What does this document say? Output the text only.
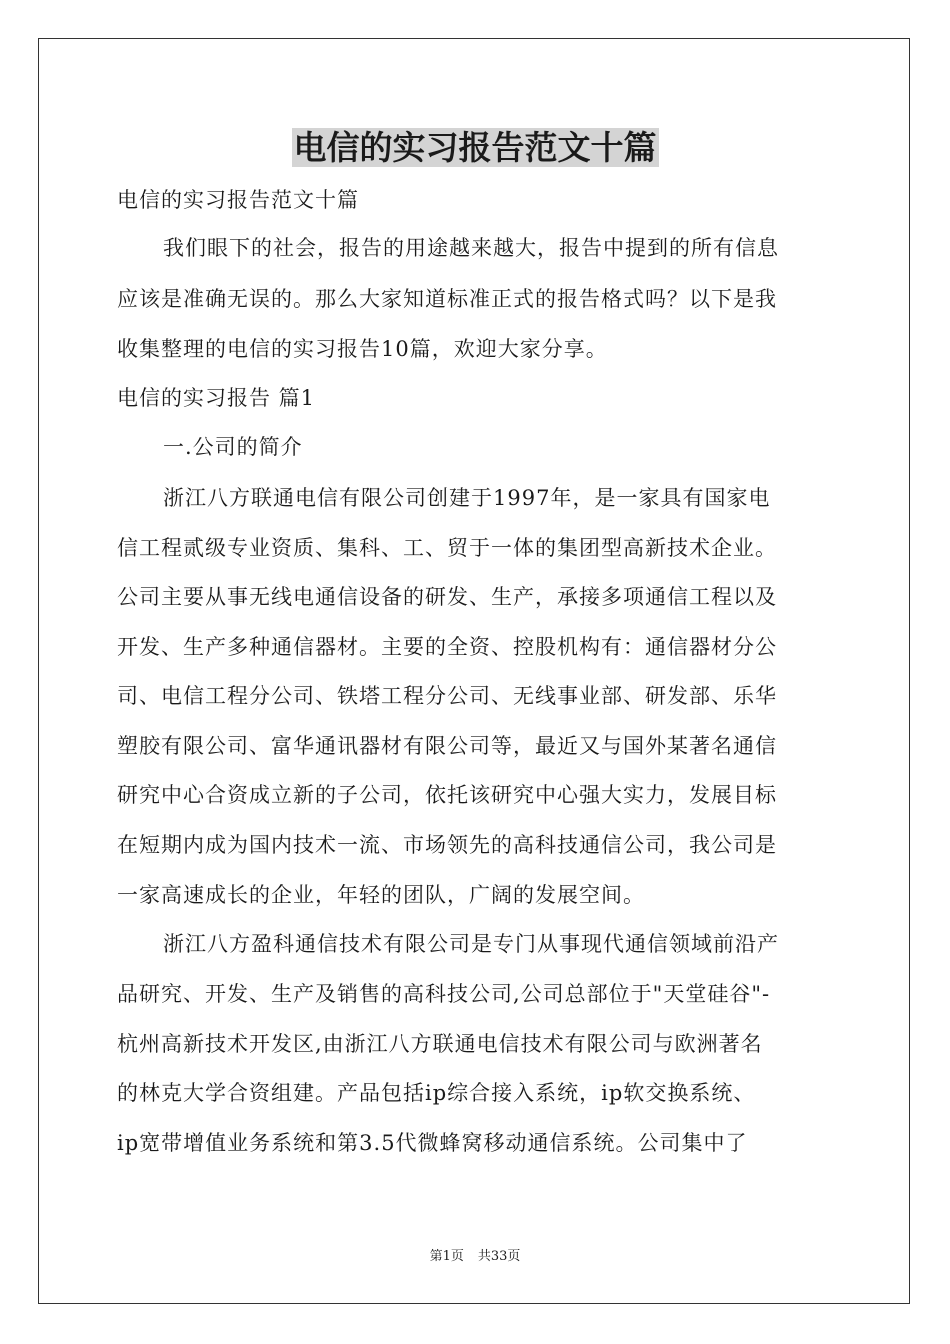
电信的实习报告范文十篇
电信的实习报告范文十篇
我们眼下的社会，报告的用途越来越大，报告中提到的所有信息
应该是准确无误的。那么大家知道标准正式的报告格式吗？以下是我
收集整理的电信的实习报告10篇，欢迎大家分享。
电信的实习报告 篇1
一.公司的简介
浙江八方联通电信有限公司创建于1997年，是一家具有国家电
信工程贰级专业资质、集科、工、贸于一体的集团型高新技术企业。
公司主要从事无线电通信设备的研发、生产，承接多项通信工程以及
开发、生产多种通信器材。主要的全资、控股机构有：通信器材分公
司、电信工程分公司、铁塔工程分公司、无线事业部、研发部、乐华
塑胶有限公司、富华通讯器材有限公司等，最近又与国外某著名通信
研究中心合资成立新的子公司，依托该研究中心强大实力，发展目标
在短期内成为国内技术一流、市场领先的高科技通信公司，我公司是
一家高速成长的企业，年轻的团队，广阔的发展空间。
浙江八方盈科通信技术有限公司是专门从事现代通信领域前沿产
品研究、开发、生产及销售的高科技公司,公司总部位于"天堂硅谷"-
杭州高新技术开发区,由浙江八方联通电信技术有限公司与欧洲著名
的林克大学合资组建。产品包括ip综合接入系统，ip软交换系统、
ip宽带增值业务系统和第3.5代微蜂窝移动通信系统。公司集中了
第1页 共33页
